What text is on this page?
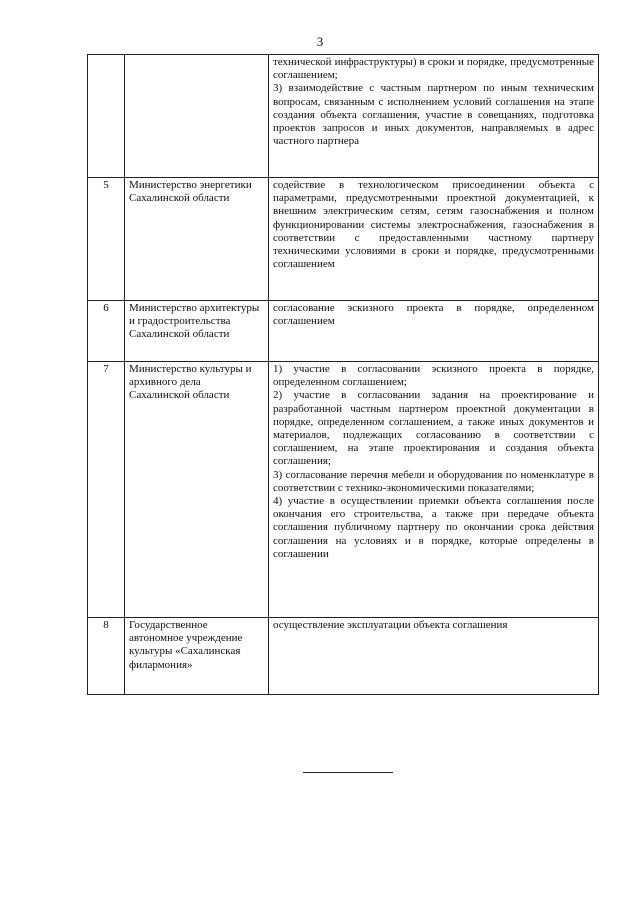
3

		технической инфраструктуры) в сроки и порядке, предусмотренные соглашением;
3) взаимодействие с частным партнером по иным техническим вопросам, связанным с исполнением условий соглашения на этапе создания объекта соглашения, участие в совещаниях, подготовка проектов запросов и иных документов, направляемых в адрес частного партнера

5	Министерство энергетики Сахалинской области	содействие в технологическом присоединении объекта с параметрами, предусмотренными проектной документацией, к внешним электрическим сетям, сетям газоснабжения и полном функционировании системы электроснабжения, газоснабжения в соответствии с предоставленными частному партнеру техническими условиями в сроки и порядке, предусмотренными соглашением

6	Министерство архитектуры и градостроительства Сахалинской области	согласование эскизного проекта в порядке, определенном соглашением

7	Министерство культуры и архивного дела Сахалинской области	1) участие в согласовании эскизного проекта в порядке, определенном соглашением;
2) участие в согласовании задания на проектирование и разработанной частным партнером проектной документации в порядке, определенном соглашением, а также иных документов и материалов, подлежащих согласованию в соответствии с соглашением, на этапе проектирования и создания объекта соглашения;
3) согласование перечня мебели и оборудования по номенклатуре в соответствии с технико-экономическими показателями;
4) участие в осуществлении приемки объекта соглашения после окончания его строительства, а также при передаче объекта соглашения публичному партнеру по окончании срока действия соглашения на условиях и в порядке, которые определены в соглашении

8	Государственное автономное учреждение культуры «Сахалинская филармония»	осуществление эксплуатации объекта соглашения
